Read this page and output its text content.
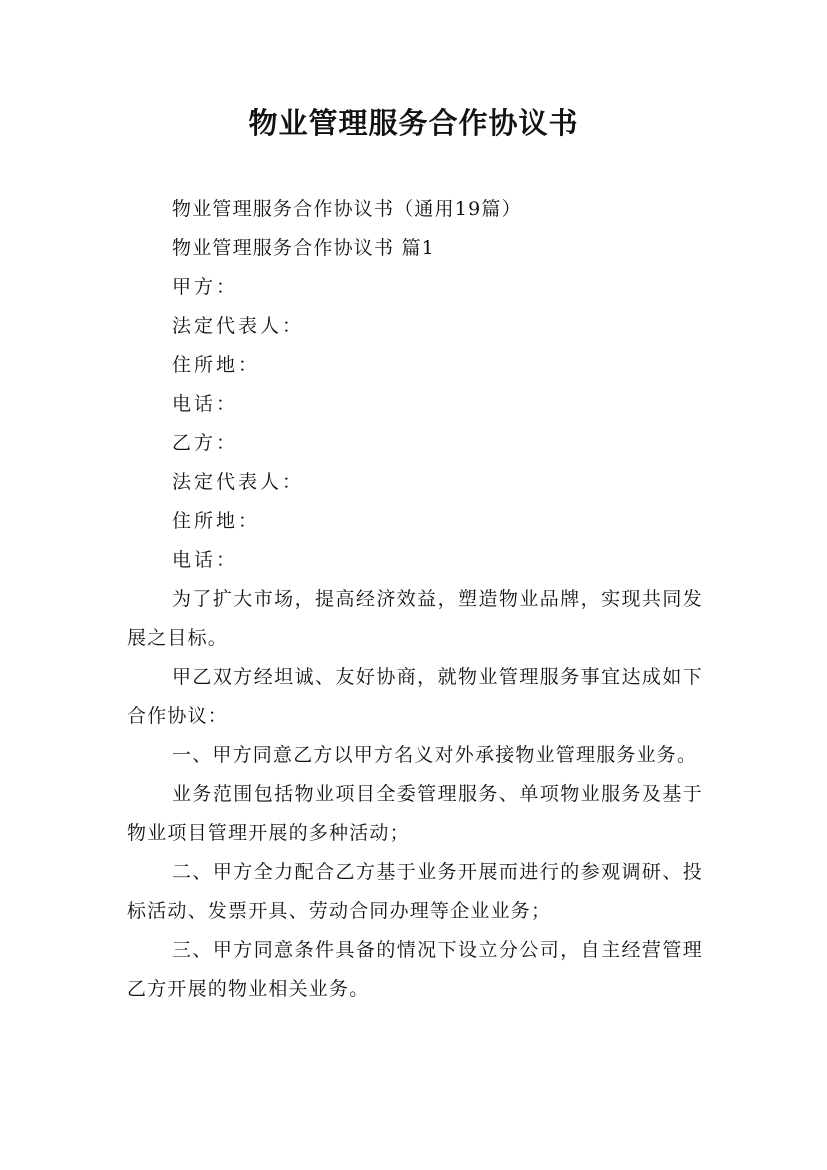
物业管理服务合作协议书

物业管理服务合作协议书（通用19篇）

物业管理服务合作协议书 篇1

甲方：

法定代表人：

住所地：

电话：

乙方：

法定代表人：

住所地：

电话：

为了扩大市场，提高经济效益，塑造物业品牌，实现共同发展之目标。

甲乙双方经坦诚、友好协商，就物业管理服务事宜达成如下合作协议：

一、甲方同意乙方以甲方名义对外承接物业管理服务业务。

业务范围包括物业项目全委管理服务、单项物业服务及基于物业项目管理开展的多种活动；

二、甲方全力配合乙方基于业务开展而进行的参观调研、投标活动、发票开具、劳动合同办理等企业业务；

三、甲方同意条件具备的情况下设立分公司，自主经营管理乙方开展的物业相关业务。
